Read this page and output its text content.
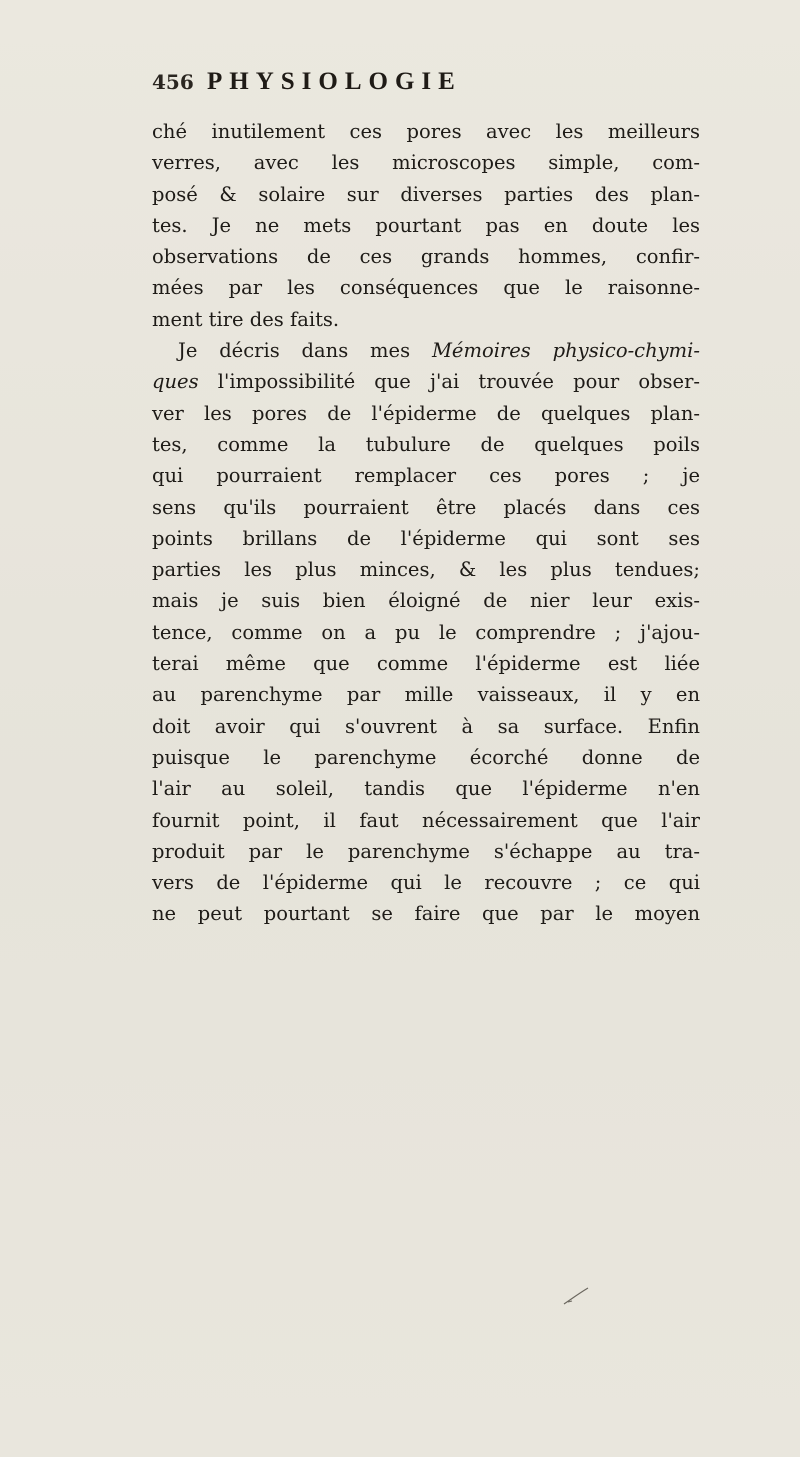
456 PHYSIOLOGIE
ché inutilement ces pores avec les meilleurs
verres, avec les microscopes simple, com-
posé & solaire sur diverses parties des plan-
tes. Je ne mets pourtant pas en doute les
observations de ces grands hommes, confir-
mées par les conséquences que le raisonne-
ment tire des faits.
Je décris dans mes Mémoires physico-chymi-
ques l'impossibilité que j'ai trouvée pour obser-
ver les pores de l'épiderme de quelques plan-
tes, comme la tubulure de quelques poils
qui pourraient remplacer ces pores ; je
sens qu'ils pourraient être placés dans ces
points brillans de l'épiderme qui sont ses
parties les plus minces, & les plus tendues;
mais je suis bien éloigné de nier leur exis-
tence, comme on a pu le comprendre ; j'ajou-
terai même que comme l'épiderme est liée
au parenchyme par mille vaisseaux, il y en
doit avoir qui s'ouvrent à sa surface. Enfin
puisque le parenchyme écorché donne de
l'air au soleil, tandis que l'épiderme n'en
fournit point, il faut nécessairement que l'air
produit par le parenchyme s'échappe au tra-
vers de l'épiderme qui le recouvre ; ce qui
ne peut pourtant se faire que par le moyen
